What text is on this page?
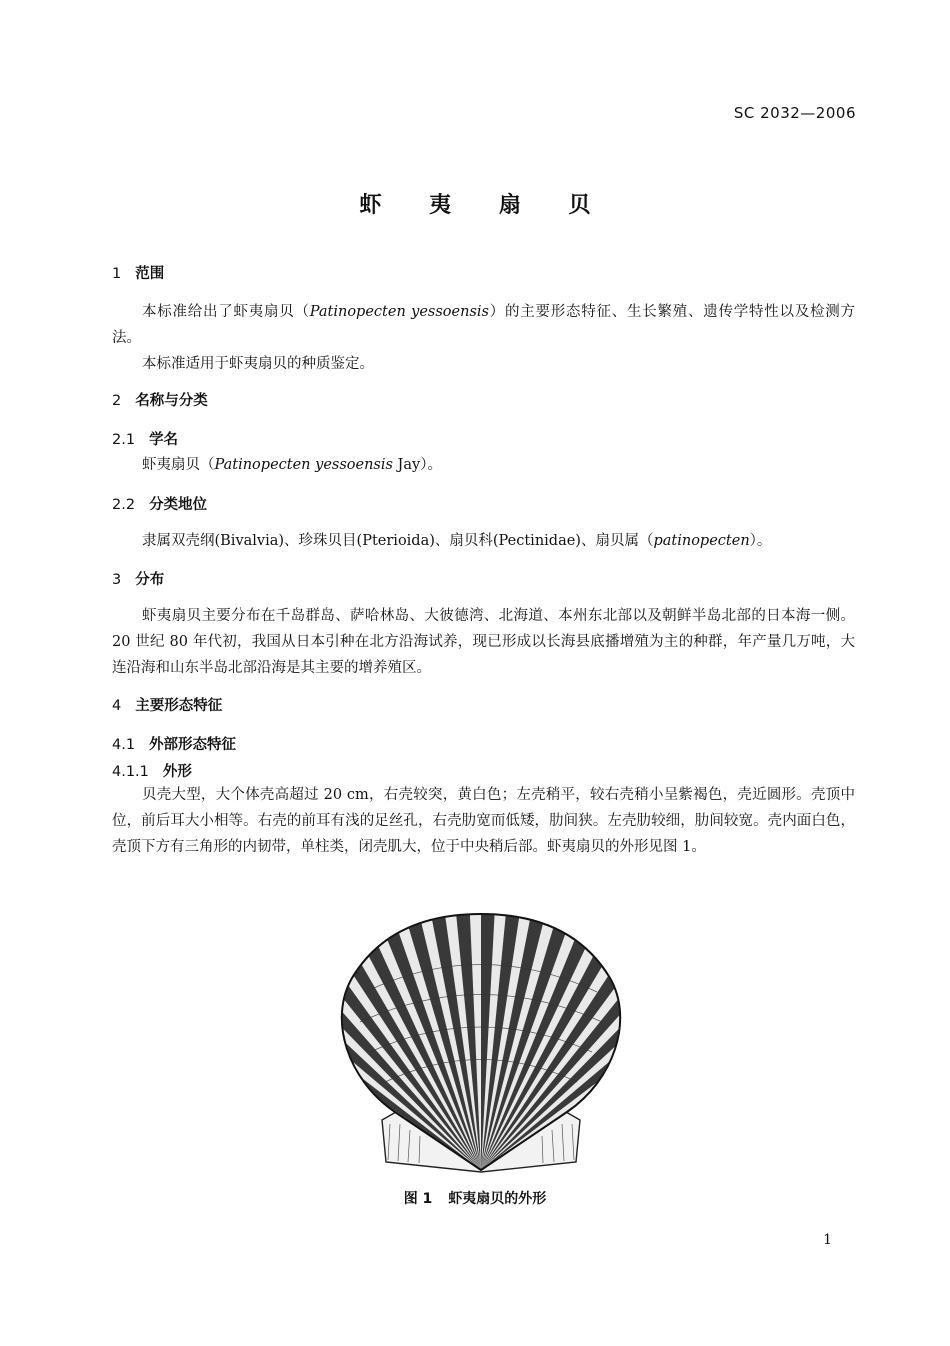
SC 2032—2006
虾 夷 扇 贝
1 范围
本标准给出了虾夷扇贝（Patinopecten yessoensis）的主要形态特征、生长繁殖、遗传学特性以及检测方法。
本标准适用于虾夷扇贝的种质鉴定。
2 名称与分类
2.1 学名
虾夷扇贝（Patinopecten yessoensis Jay）。
2.2 分类地位
隶属双壳纲(Bivalvia)、珍珠贝目(Pterioida)、扇贝科(Pectinidae)、扇贝属（patinopecten）。
3 分布
虾夷扇贝主要分布在千岛群岛、萨哈林岛、大彼德湾、北海道、本州东北部以及朝鲜半岛北部的日本海一侧。20 世纪 80 年代初，我国从日本引种在北方沿海试养，现已形成以长海县底播增殖为主的种群，年产量几万吨，大连沿海和山东半岛北部沿海是其主要的增养殖区。
4 主要形态特征
4.1 外部形态特征
4.1.1 外形
贝壳大型，大个体壳高超过 20 cm，右壳较突，黄白色；左壳稍平，较右壳稍小呈紫褐色，壳近圆形。壳顶中位，前后耳大小相等。右壳的前耳有浅的足丝孔，右壳肋宽而低矮，肋间狭。左壳肋较细，肋间较宽。壳内面白色，壳顶下方有三角形的内韧带，单柱类，闭壳肌大，位于中央稍后部。虾夷扇贝的外形见图 1。
图 1 虾夷扇贝的外形
1
